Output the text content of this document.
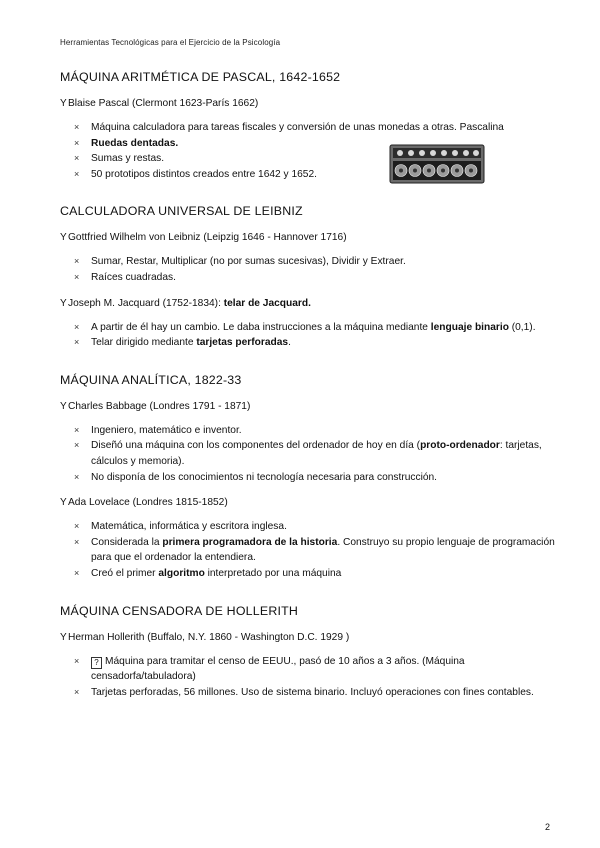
Herramientas Tecnológicas para el Ejercicio de la Psicología
MÁQUINA ARITMÉTICA DE PASCAL, 1642-1652
Y Blaise Pascal (Clermont 1623-París 1662)
×	Máquina calculadora para tareas fiscales y conversión de unas monedas a otras. Pascalina
×	Ruedas dentadas.
×	Sumas y restas.
×	50 prototipos distintos creados entre 1642 y 1652.
CALCULADORA UNIVERSAL DE LEIBNIZ
Y Gottfried Wilhelm von Leibniz (Leipzig 1646 - Hannover 1716)
×	Sumar, Restar, Multiplicar (no por sumas sucesivas), Dividir y Extraer.
×	Raíces cuadradas.
Y Joseph M. Jacquard (1752-1834): telar de Jacquard.
×	A partir de él hay un cambio. Le daba instrucciones a la máquina mediante lenguaje binario (0,1).
×	Telar dirigido mediante tarjetas perforadas.
MÁQUINA ANALÍTICA, 1822-33
Y Charles Babbage (Londres 1791 - 1871)
×	Ingeniero, matemático e inventor.
×	Diseñó una máquina con los componentes del ordenador de hoy en día (proto-ordenador: tarjetas, cálculos y memoria).
×	No disponía de los conocimientos ni tecnología necesaria para construcción.
Y Ada Lovelace (Londres 1815-1852)
×	Matemática, informática y escritora inglesa.
×	Considerada la primera programadora de la historia. Construyo su propio lenguaje de programación para que el ordenador la entendiera.
×	Creó el primer algoritmo interpretado por una máquina
MÁQUINA CENSADORA DE HOLLERITH
Y Herman Hollerith (Buffalo, N.Y. 1860 - Washington D.C. 1929 )
×	? Máquina para tramitar el censo de EEUU., pasó de 10 años a 3 años. (Máquina censadorfa/tabuladora)
×	Tarjetas perforadas, 56 millones. Uso de sistema binario. Incluyó operaciones con fines contables.
2
